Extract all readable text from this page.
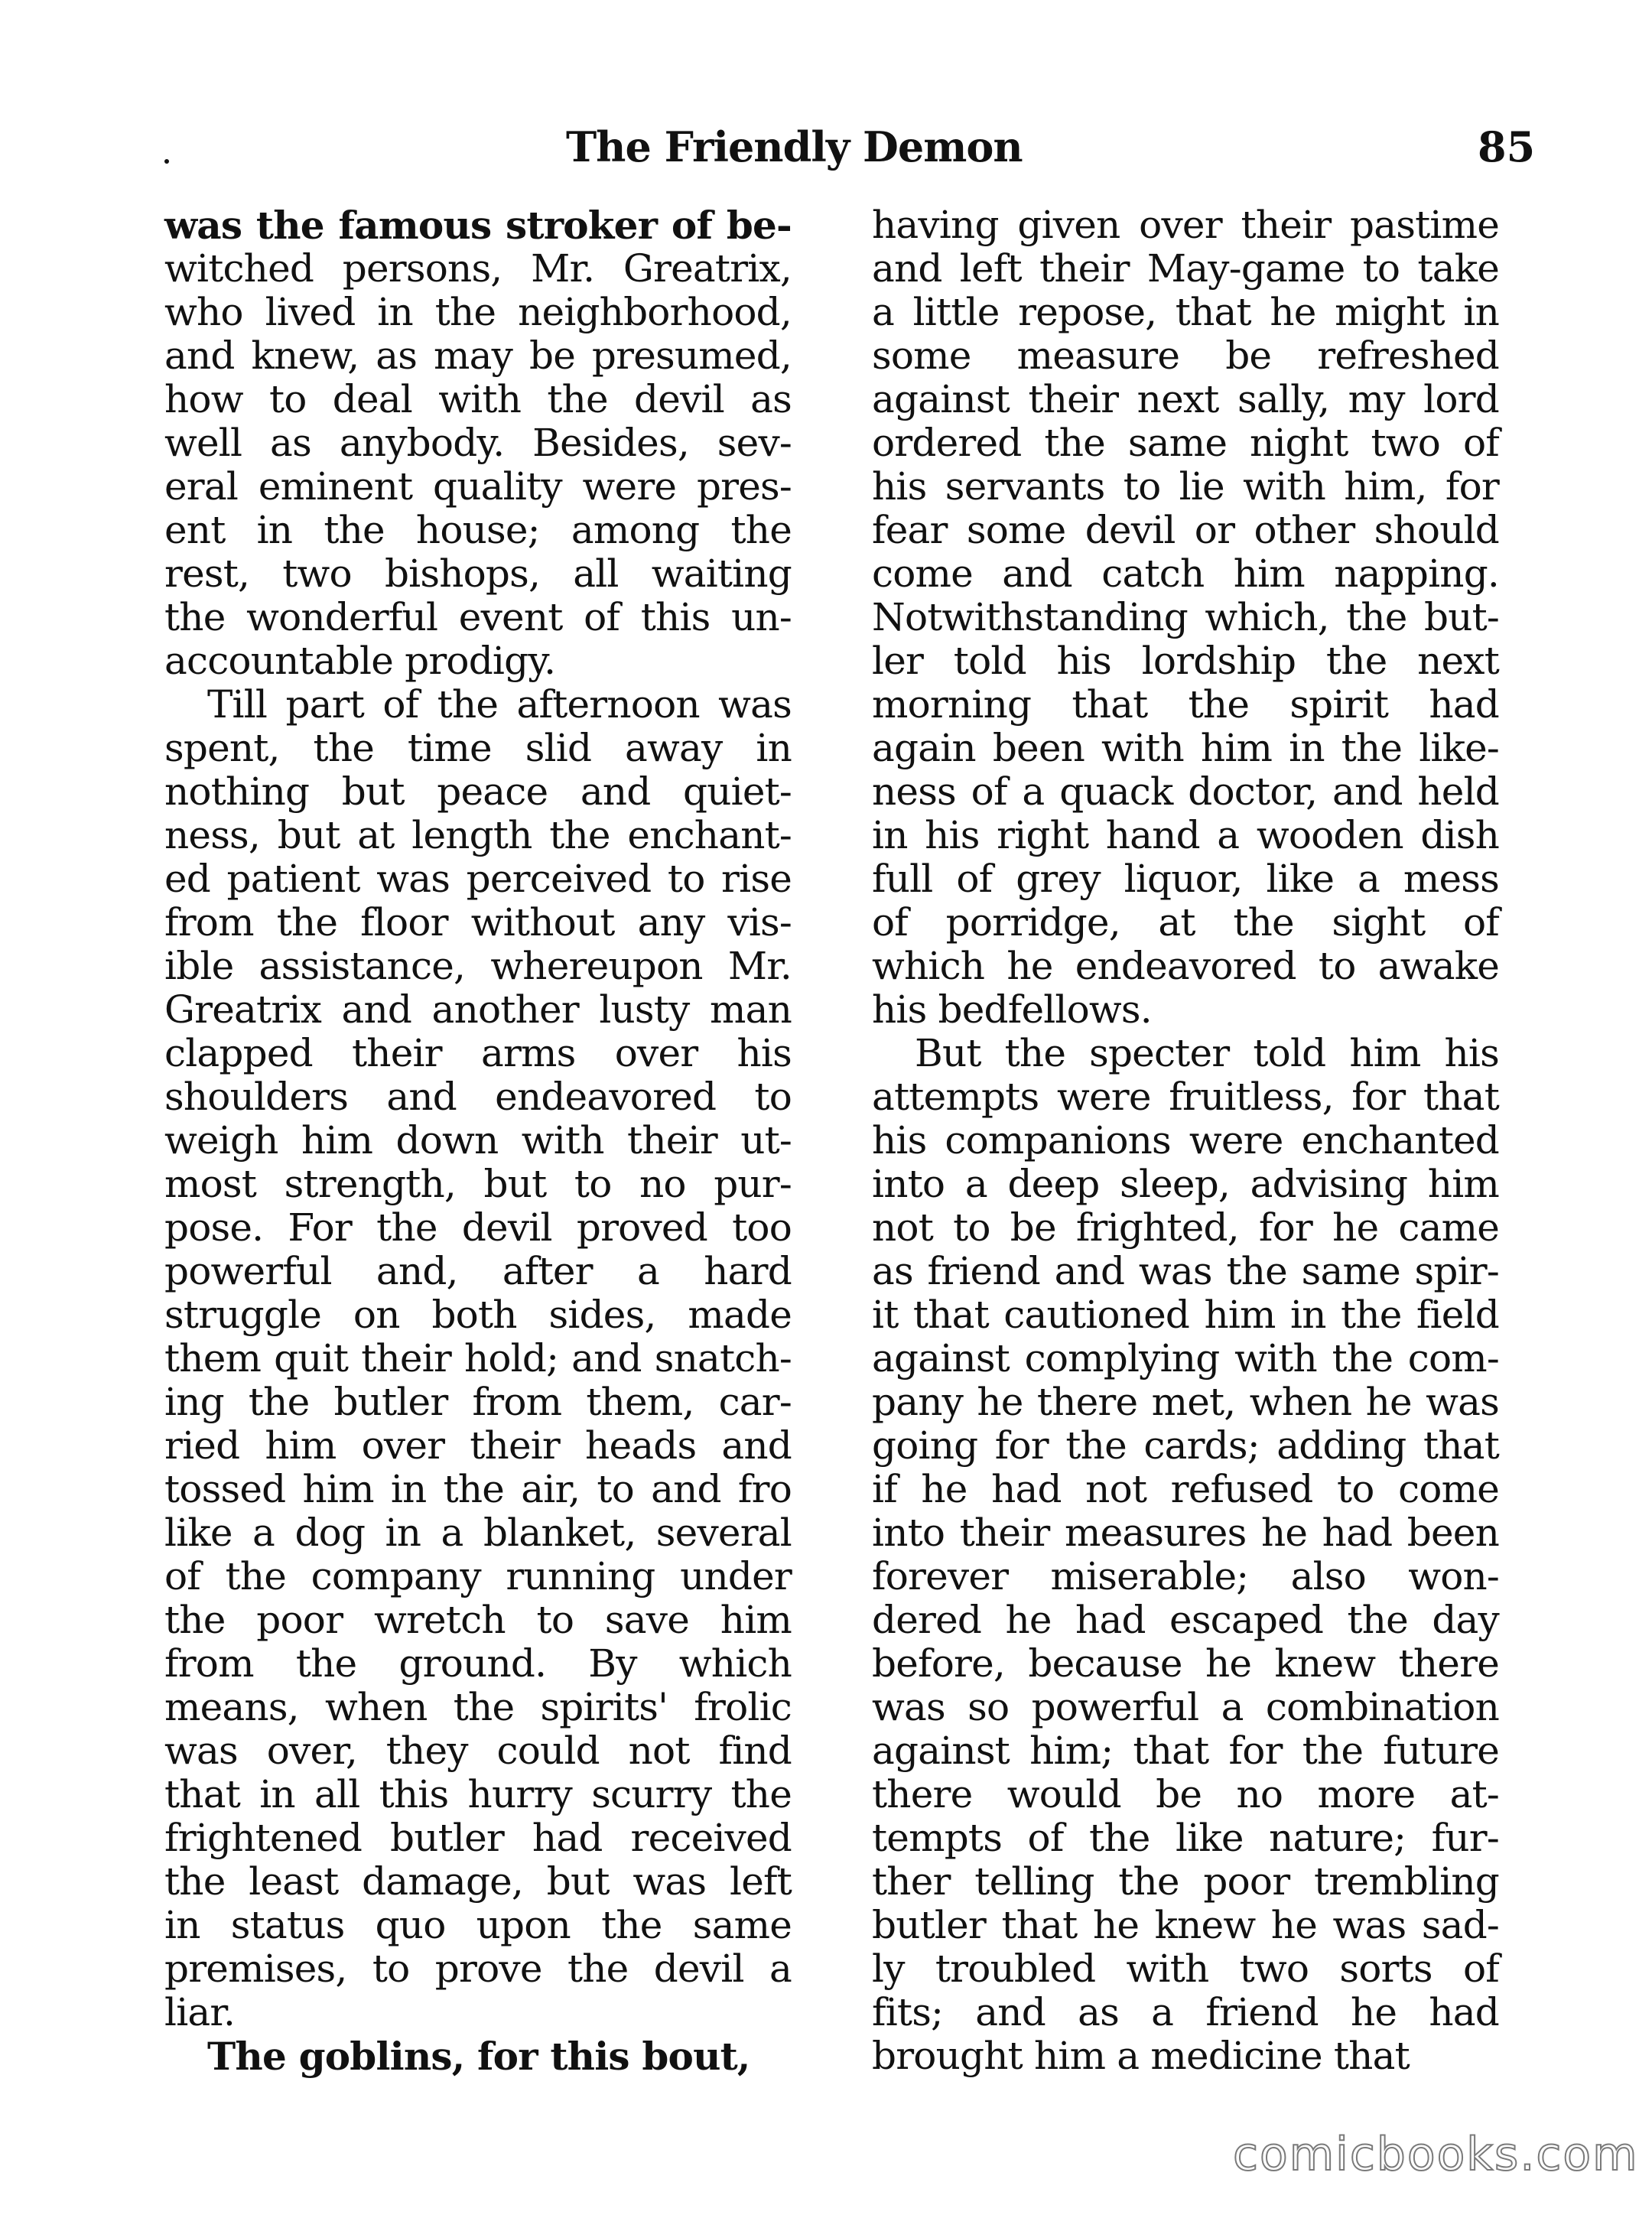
The Friendly Demon	85
was the famous stroker of be-
witched persons, Mr. Greatrix,
who lived in the neighborhood,
and knew, as may be presumed,
how to deal with the devil as
well as anybody. Besides, sev-
eral eminent quality were pres-
ent in the house; among the
rest, two bishops, all waiting
the wonderful event of this un-
accountable prodigy.
Till part of the afternoon was
spent, the time slid away in
nothing but peace and quiet-
ness, but at length the enchant-
ed patient was perceived to rise
from the floor without any vis-
ible assistance, whereupon Mr.
Greatrix and another lusty man
clapped their arms over his
shoulders and endeavored to
weigh him down with their ut-
most strength, but to no pur-
pose. For the devil proved too
powerful and, after a hard
struggle on both sides, made
them quit their hold; and snatch-
ing the butler from them, car-
ried him over their heads and
tossed him in the air, to and fro
like a dog in a blanket, several
of the company running under
the poor wretch to save him
from the ground. By which
means, when the spirits' frolic
was over, they could not find
that in all this hurry scurry the
frightened butler had received
the least damage, but was left
in status quo upon the same
premises, to prove the devil a
liar.
The goblins, for this bout,
having given over their pastime
and left their May-game to take
a little repose, that he might in
some measure be refreshed
against their next sally, my lord
ordered the same night two of
his servants to lie with him, for
fear some devil or other should
come and catch him napping.
Notwithstanding which, the but-
ler told his lordship the next
morning that the spirit had
again been with him in the like-
ness of a quack doctor, and held
in his right hand a wooden dish
full of grey liquor, like a mess
of porridge, at the sight of
which he endeavored to awake
his bedfellows.
But the specter told him his
attempts were fruitless, for that
his companions were enchanted
into a deep sleep, advising him
not to be frighted, for he came
as friend and was the same spir-
it that cautioned him in the field
against complying with the com-
pany he there met, when he was
going for the cards; adding that
if he had not refused to come
into their measures he had been
forever miserable; also won-
dered he had escaped the day
before, because he knew there
was so powerful a combination
against him; that for the future
there would be no more at-
tempts of the like nature; fur-
ther telling the poor trembling
butler that he knew he was sad-
ly troubled with two sorts of
fits; and as a friend he had
brought him a medicine that
comicbooks.com
